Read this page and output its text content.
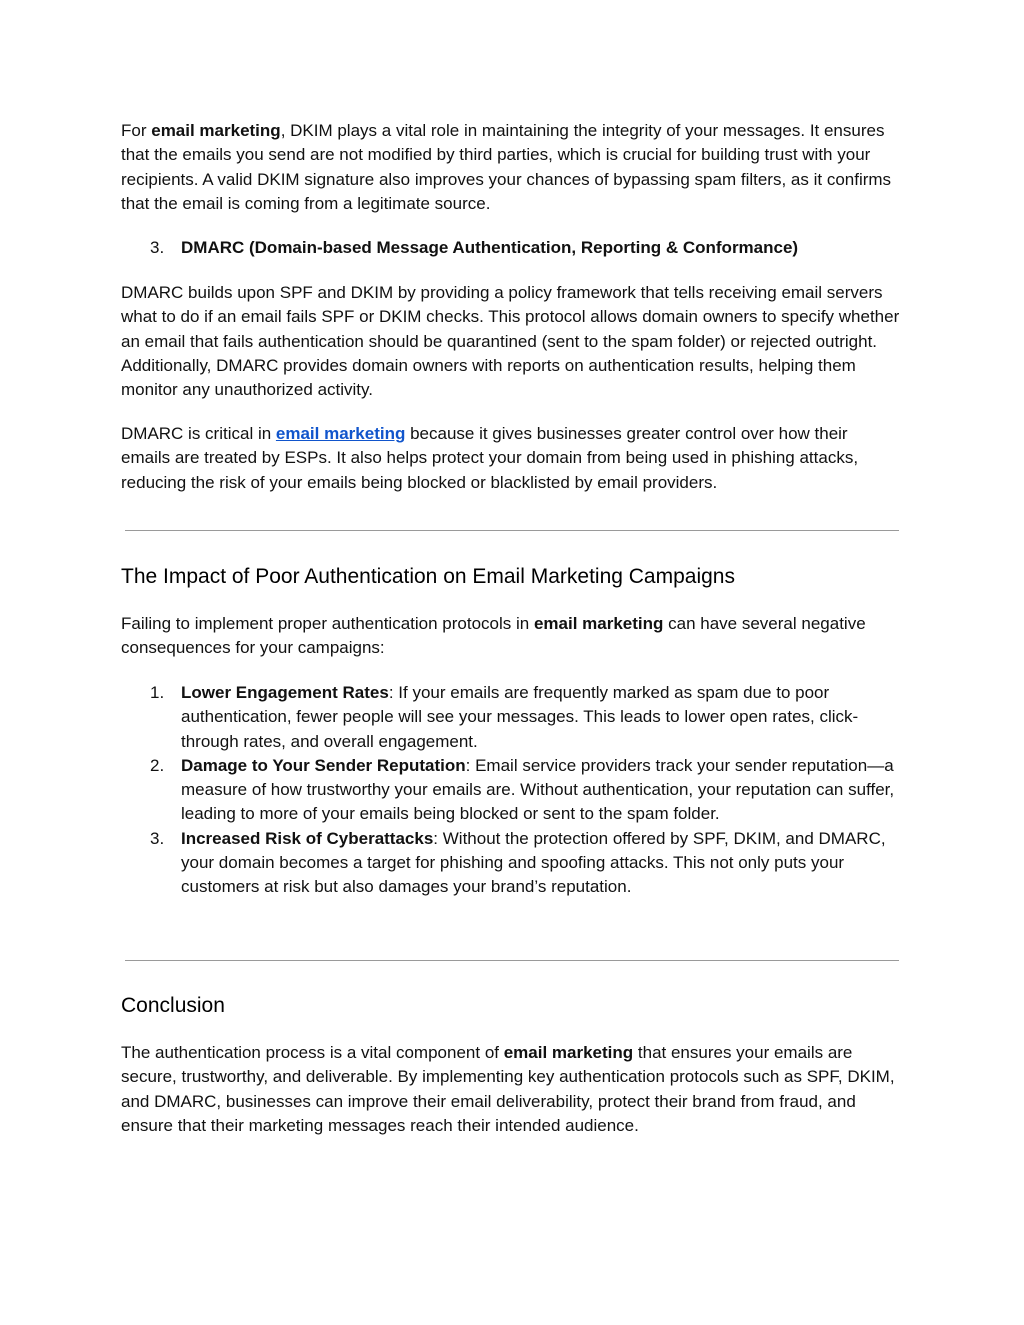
For email marketing, DKIM plays a vital role in maintaining the integrity of your messages. It ensures that the emails you send are not modified by third parties, which is crucial for building trust with your recipients. A valid DKIM signature also improves your chances of bypassing spam filters, as it confirms that the email is coming from a legitimate source.

3. DMARC (Domain-based Message Authentication, Reporting & Conformance)

DMARC builds upon SPF and DKIM by providing a policy framework that tells receiving email servers what to do if an email fails SPF or DKIM checks. This protocol allows domain owners to specify whether an email that fails authentication should be quarantined (sent to the spam folder) or rejected outright. Additionally, DMARC provides domain owners with reports on authentication results, helping them monitor any unauthorized activity.

DMARC is critical in email marketing because it gives businesses greater control over how their emails are treated by ESPs. It also helps protect your domain from being used in phishing attacks, reducing the risk of your emails being blocked or blacklisted by email providers.

The Impact of Poor Authentication on Email Marketing Campaigns

Failing to implement proper authentication protocols in email marketing can have several negative consequences for your campaigns:

1. Lower Engagement Rates: If your emails are frequently marked as spam due to poor authentication, fewer people will see your messages. This leads to lower open rates, click-through rates, and overall engagement.
2. Damage to Your Sender Reputation: Email service providers track your sender reputation—a measure of how trustworthy your emails are. Without authentication, your reputation can suffer, leading to more of your emails being blocked or sent to the spam folder.
3. Increased Risk of Cyberattacks: Without the protection offered by SPF, DKIM, and DMARC, your domain becomes a target for phishing and spoofing attacks. This not only puts your customers at risk but also damages your brand’s reputation.
Conclusion

The authentication process is a vital component of email marketing that ensures your emails are secure, trustworthy, and deliverable. By implementing key authentication protocols such as SPF, DKIM, and DMARC, businesses can improve their email deliverability, protect their brand from fraud, and ensure that their marketing messages reach their intended audience.
